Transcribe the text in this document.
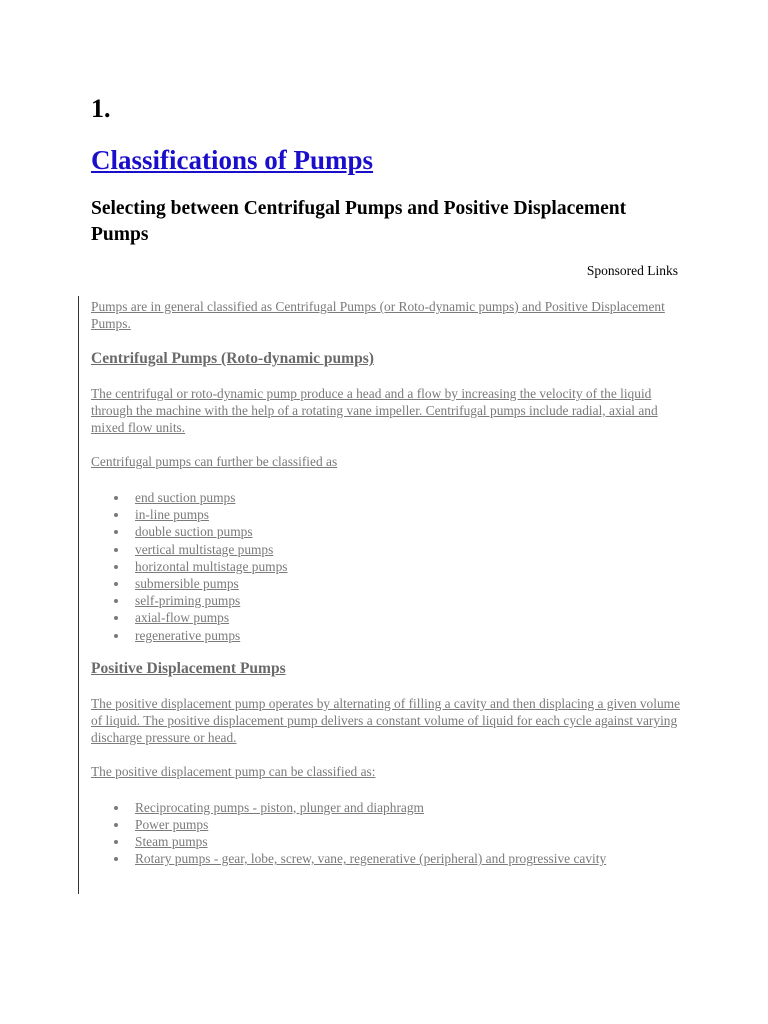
1.
Classifications of Pumps
Selecting between Centrifugal Pumps and Positive Displacement Pumps
Sponsored Links

Pumps are in general classified as Centrifugal Pumps (or Roto-dynamic pumps) and Positive Displacement Pumps.

Centrifugal Pumps (Roto-dynamic pumps)

The centrifugal or roto-dynamic pump produce a head and a flow by increasing the velocity of the liquid through the machine with the help of a rotating vane impeller. Centrifugal pumps include radial, axial and mixed flow units.

Centrifugal pumps can further be classified as

end suction pumps
in-line pumps
double suction pumps
vertical multistage pumps
horizontal multistage pumps
submersible pumps
self-priming pumps
axial-flow pumps
regenerative pumps
Positive Displacement Pumps

The positive displacement pump operates by alternating of filling a cavity and then displacing a given volume of liquid. The positive displacement pump delivers a constant volume of liquid for each cycle against varying discharge pressure or head.

The positive displacement pump can be classified as:

Reciprocating pumps - piston, plunger and diaphragm
Power pumps
Steam pumps
Rotary pumps - gear, lobe, screw, vane, regenerative (peripheral) and progressive cavity
